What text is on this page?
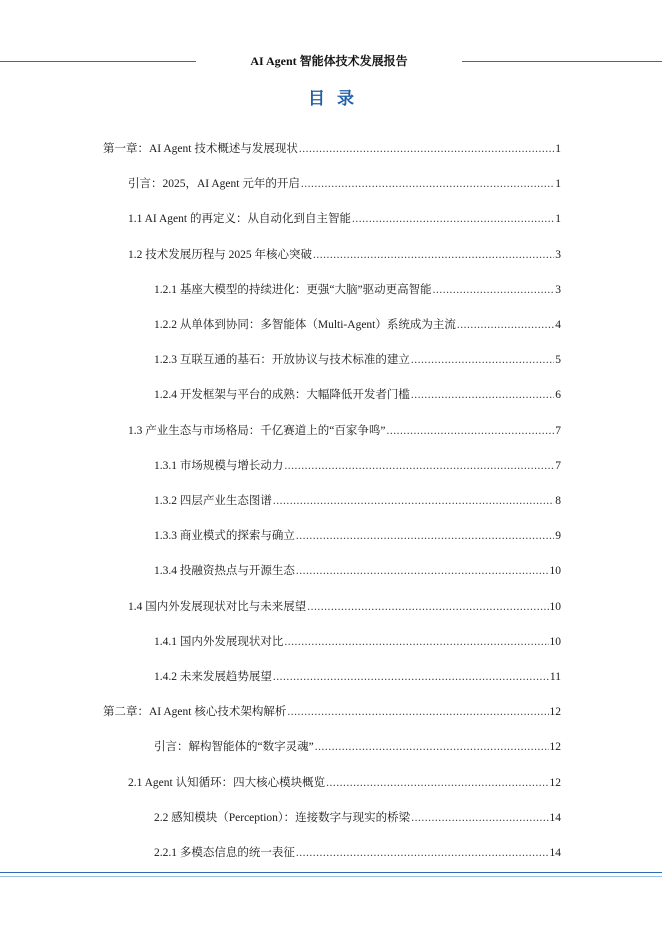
AI Agent 智能体技术发展报告
目录
第一章：AI Agent 技术概述与发展现状 .....	1
引言：2025，AI Agent 元年的开启 .....	1
1.1 AI Agent 的再定义：从自动化到自主智能 .....	1
1.2 技术发展历程与 2025 年核心突破 .....	3
1.2.1 基座大模型的持续进化：更强“大脑”驱动更高智能 .....	3
1.2.2 从单体到协同：多智能体（Multi-Agent）系统成为主流 .....	4
1.2.3 互联互通的基石：开放协议与技术标准的建立 .....	5
1.2.4 开发框架与平台的成熟：大幅降低开发者门槛 .....	6
1.3 产业生态与市场格局：千亿赛道上的“百家争鸣” .....	7
1.3.1 市场规模与增长动力 .....	7
1.3.2 四层产业生态图谱 .....	8
1.3.3 商业模式的探索与确立 .....	9
1.3.4 投融资热点与开源生态 .....	10
1.4 国内外发展现状对比与未来展望 .....	10
1.4.1 国内外发展现状对比 .....	10
1.4.2 未来发展趋势展望 .....	11
第二章：AI Agent 核心技术架构解析 .....	12
引言：解构智能体的“数字灵魂” .....	12
2.1 Agent 认知循环：四大核心模块概览 .....	12
2.2 感知模块（Perception）：连接数字与现实的桥梁 .....	14
2.2.1 多模态信息的统一表征 .....	14
